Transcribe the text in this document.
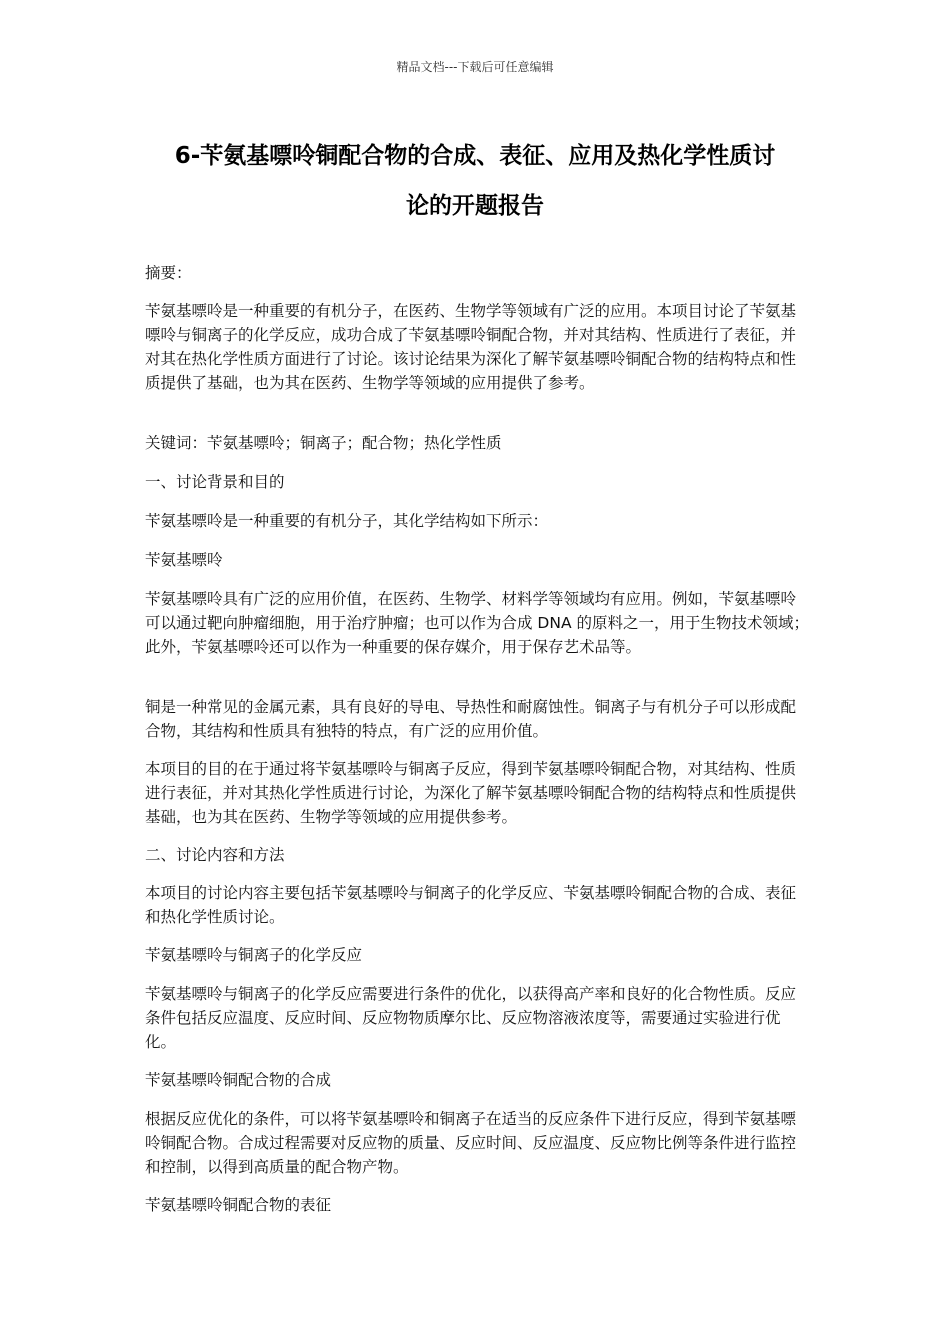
精品文档---下载后可任意编辑
6-苄氨基嘌呤铜配合物的合成、表征、应用及热化学性质讨
论的开题报告

摘要：

苄氨基嘌呤是一种重要的有机分子，在医药、生物学等领域有广泛的应用。本项目讨论了苄氨基嘌呤与铜离子的化学反应，成功合成了苄氨基嘌呤铜配合物，并对其结构、性质进行了表征，并对其在热化学性质方面进行了讨论。该讨论结果为深化了解苄氨基嘌呤铜配合物的结构特点和性质提供了基础，也为其在医药、生物学等领域的应用提供了参考。

关键词：苄氨基嘌呤；铜离子；配合物；热化学性质

一、讨论背景和目的

苄氨基嘌呤是一种重要的有机分子，其化学结构如下所示：

苄氨基嘌呤

苄氨基嘌呤具有广泛的应用价值，在医药、生物学、材料学等领域均有应用。例如，苄氨基嘌呤可以通过靶向肿瘤细胞，用于治疗肿瘤；也可以作为合成 DNA 的原料之一，用于生物技术领域；此外，苄氨基嘌呤还可以作为一种重要的保存媒介，用于保存艺术品等。

铜是一种常见的金属元素，具有良好的导电、导热性和耐腐蚀性。铜离子与有机分子可以形成配合物，其结构和性质具有独特的特点，有广泛的应用价值。

本项目的目的在于通过将苄氨基嘌呤与铜离子反应，得到苄氨基嘌呤铜配合物，对其结构、性质进行表征，并对其热化学性质进行讨论，为深化了解苄氨基嘌呤铜配合物的结构特点和性质提供基础，也为其在医药、生物学等领域的应用提供参考。

二、讨论内容和方法

本项目的讨论内容主要包括苄氨基嘌呤与铜离子的化学反应、苄氨基嘌呤铜配合物的合成、表征和热化学性质讨论。

苄氨基嘌呤与铜离子的化学反应

苄氨基嘌呤与铜离子的化学反应需要进行条件的优化，以获得高产率和良好的化合物性质。反应条件包括反应温度、反应时间、反应物物质摩尔比、反应物溶液浓度等，需要通过实验进行优化。

苄氨基嘌呤铜配合物的合成

根据反应优化的条件，可以将苄氨基嘌呤和铜离子在适当的反应条件下进行反应，得到苄氨基嘌呤铜配合物。合成过程需要对反应物的质量、反应时间、反应温度、反应物比例等条件进行监控和控制，以得到高质量的配合物产物。

苄氨基嘌呤铜配合物的表征
